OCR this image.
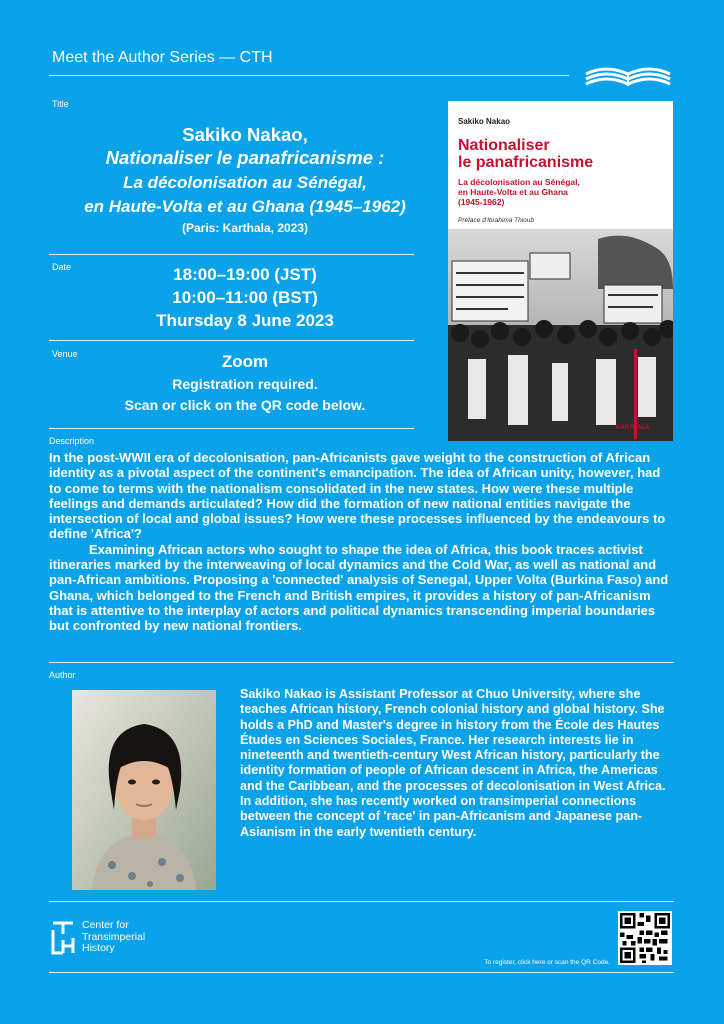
Meet the Author Series — CTH
Title
Sakiko Nakao,
Nationaliser le panafricanisme :
La décolonisation au Sénégal,
en Haute-Volta et au Ghana (1945–1962)
(Paris: Karthala, 2023)
Date	18:00–19:00 (JST)
10:00–11:00 (BST)
Thursday 8 June 2023
Venue	Zoom
Registration required.
Scan or click on the QR code below.
Sakiko Nakao
Nationaliser
le panafricanisme
La décolonisation au Sénégal,
en Haute-Volta et au Ghana
(1945-1962)
Préface d'Ibrahima Thioub
KARTHALA
Description

In the post-WWII era of decolonisation, pan-Africanists gave weight to the construction of African identity as a pivotal aspect of the continent's emancipation. The idea of African unity, however, had to come to terms with the nationalism consolidated in the new states. How were these multiple feelings and demands articulated? How did the formation of new national entities navigate the intersection of local and global issues? How were these processes influenced by the endeavours to define 'Africa'?

Examining African actors who sought to shape the idea of Africa, this book traces activist itineraries marked by the interweaving of local dynamics and the Cold War, as well as national and pan-African ambitions. Proposing a 'connected' analysis of Senegal, Upper Volta (Burkina Faso) and Ghana, which belonged to the French and British empires, it provides a history of pan-Africanism that is attentive to the interplay of actors and political dynamics transcending imperial boundaries but confronted by new national frontiers.

Author
Sakiko Nakao is Assistant Professor at Chuo University, where she teaches African history, French colonial history and global history. She holds a PhD and Master's degree in history from the École des Hautes Études en Sciences Sociales, France. Her research interests lie in nineteenth and twentieth-century West African history, particularly the identity formation of people of African descent in Africa, the Americas and the Caribbean, and the processes of decolonisation in West Africa. In addition, she has recently worked on transimperial connections between the concept of 'race' in pan-Africanism and Japanese pan-Asianism in the early twentieth century.
Center for
Transimperial
History
To register, click here or scan the QR Code.
